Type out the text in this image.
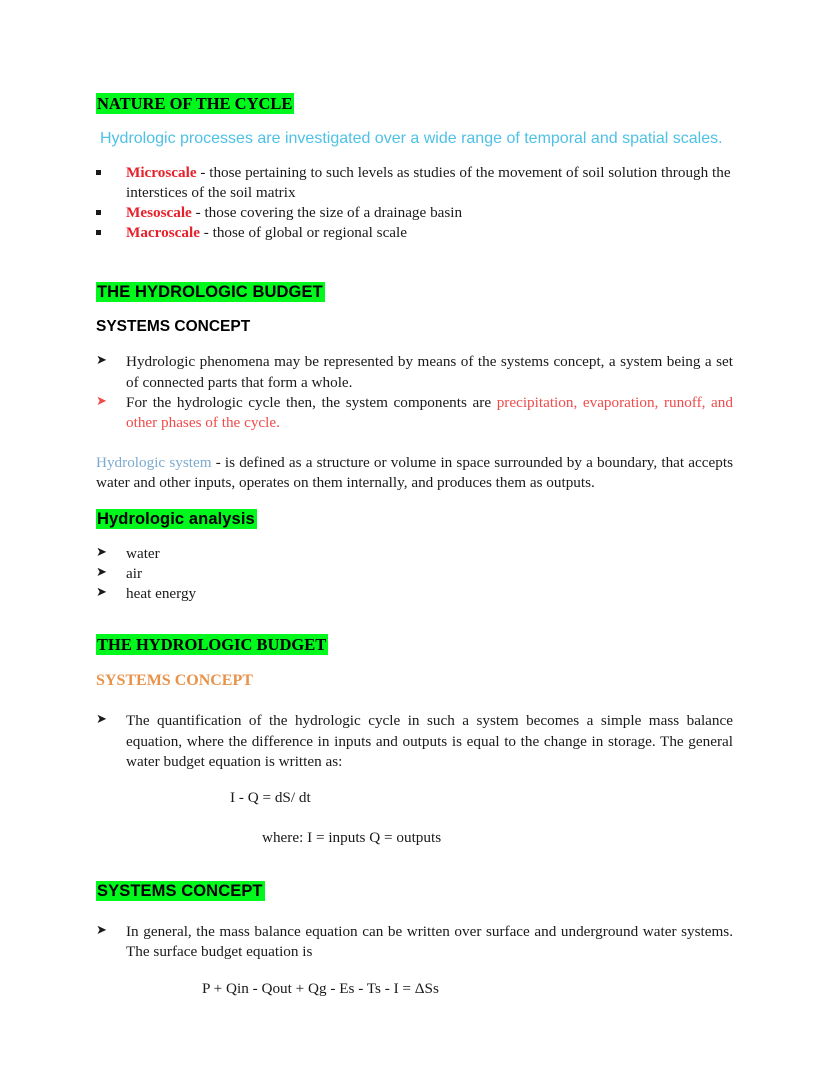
NATURE OF THE CYCLE
Hydrologic processes are investigated over a wide range of temporal and spatial scales.
Microscale - those pertaining to such levels as studies of the movement of soil solution through the interstices of the soil matrix
Mesoscale - those covering the size of a drainage basin
Macroscale - those of global or regional scale
THE HYDROLOGIC BUDGET
SYSTEMS CONCEPT
➤ Hydrologic phenomena may be represented by means of the systems concept, a system being a set of connected parts that form a whole.
➤ For the hydrologic cycle then, the system components are precipitation, evaporation, runoff, and other phases of the cycle.
Hydrologic system - is defined as a structure or volume in space surrounded by a boundary, that accepts water and other inputs, operates on them internally, and produces them as outputs.
Hydrologic analysis
➤ water
➤ air
➤ heat energy
THE HYDROLOGIC BUDGET
SYSTEMS CONCEPT
➤ The quantification of the hydrologic cycle in such a system becomes a simple mass balance equation, where the difference in inputs and outputs is equal to the change in storage. The general water budget equation is written as:
I - Q = dS/ dt
where: I = inputs Q = outputs
SYSTEMS CONCEPT
➤ In general, the mass balance equation can be written over surface and underground water systems. The surface budget equation is
P + Qin - Qout + Qg - Es - Ts - I = ΔSs
